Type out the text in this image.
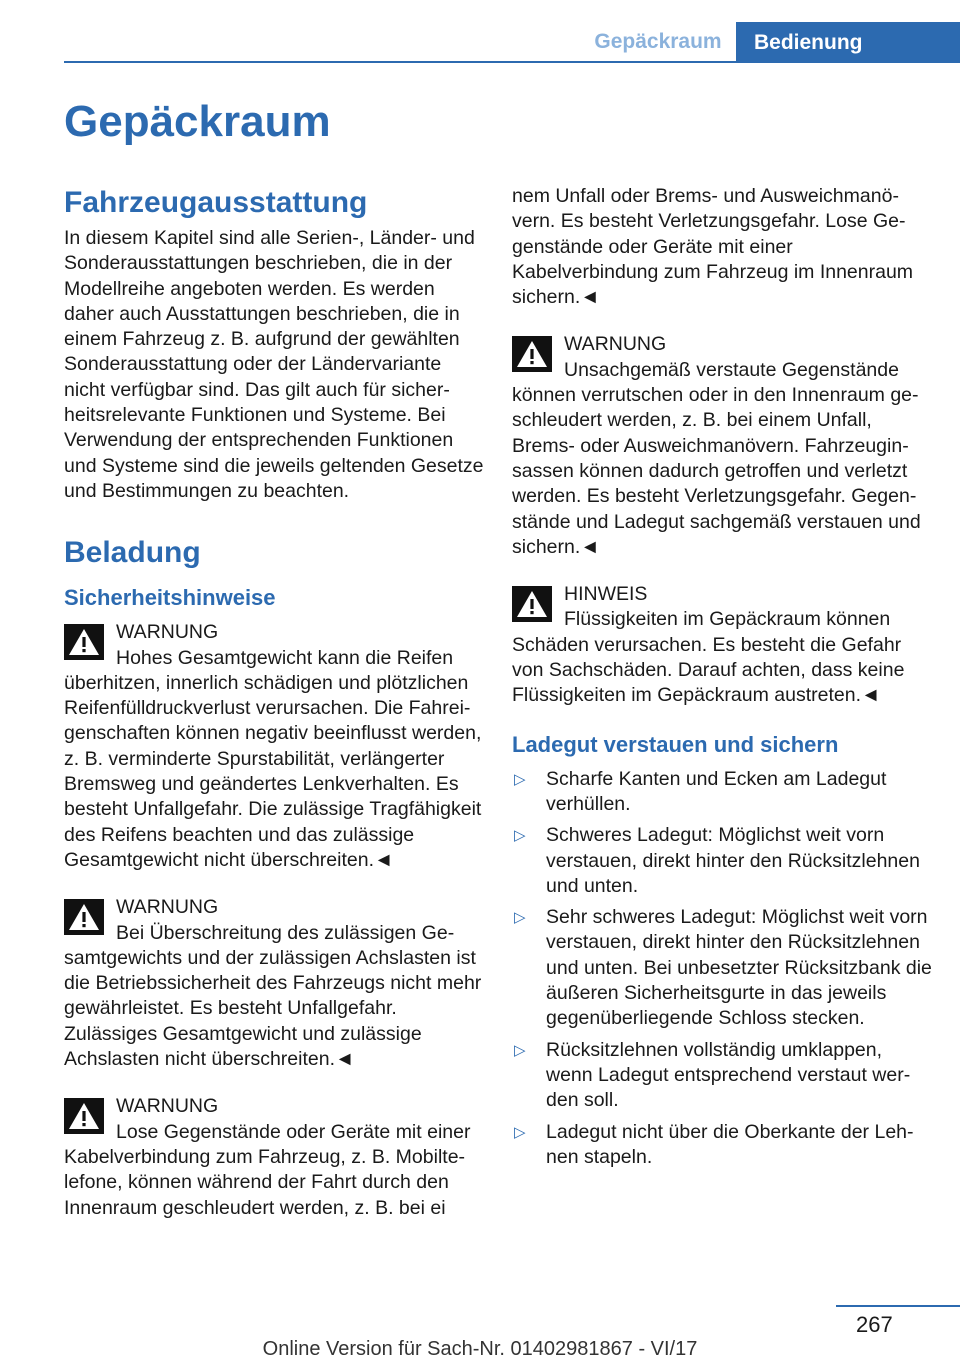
Gepäckraum	Bedienung
Gepäckraum
Fahrzeugausstattung

In diesem Kapitel sind alle Serien-, Länder- und Sonderausstattungen beschrieben, die in der Modellreihe angeboten werden. Es werden daher auch Ausstattungen beschrieben, die in einem Fahrzeug z. B. aufgrund der gewählten Sonderausstattung oder der Ländervariante nicht verfügbar sind. Das gilt auch für sicherheitsrelevante Funktionen und Systeme. Bei Verwendung der entsprechenden Funktionen und Systeme sind die jeweils geltenden Gesetze und Bestimmungen zu beachten.

Beladung
Sicherheitshinweise
WARNUNG
Hohes Gesamtgewicht kann die Reifen überhitzen, innerlich schädigen und plötzlichen Reifenfülldruckverlust verursachen. Die Fahreigenschaften können negativ beeinflusst werden, z. B. verminderte Spurstabilität, verlängerter Bremsweg und geändertes Lenkverhalten. Es besteht Unfallgefahr. Die zulässige Tragfähigkeit des Reifens beachten und das zulässige Gesamtgewicht nicht überschreiten.◄
WARNUNG
Bei Überschreitung des zulässigen Gesamtgewichts und der zulässigen Achslasten ist die Betriebssicherheit des Fahrzeugs nicht mehr gewährleistet. Es besteht Unfallgefahr. Zulässiges Gesamtgewicht und zulässige Achslasten nicht überschreiten.◄
WARNUNG
Lose Gegenstände oder Geräte mit einer Kabelverbindung zum Fahrzeug, z. B. Mobiltelefone, können während der Fahrt durch den Innenraum geschleudert werden, z. B. bei ei
nem Unfall oder Brems- und Ausweichmanövern. Es besteht Verletzungsgefahr. Lose Gegenstände oder Geräte mit einer Kabelverbindung zum Fahrzeug im Innenraum sichern.◄
WARNUNG
Unsachgemäß verstaute Gegenstände können verrutschen oder in den Innenraum geschleudert werden, z. B. bei einem Unfall, Brems- oder Ausweichmanövern. Fahrzeuginsassen können dadurch getroffen und verletzt werden. Es besteht Verletzungsgefahr. Gegenstände und Ladegut sachgemäß verstauen und sichern.◄
HINWEIS
Flüssigkeiten im Gepäckraum können Schäden verursachen. Es besteht die Gefahr von Sachschäden. Darauf achten, dass keine Flüssigkeiten im Gepäckraum austreten.◄
Ladegut verstauen und sichern
▷ Scharfe Kanten und Ecken am Ladegut verhüllen.
▷ Schweres Ladegut: Möglichst weit vorn verstauen, direkt hinter den Rücksitzlehnen und unten.
▷ Sehr schweres Ladegut: Möglichst weit vorn verstauen, direkt hinter den Rücksitzlehnen und unten. Bei unbesetzter Rücksitzbank die äußeren Sicherheitsgurte in das jeweils gegenüberliegende Schloss stecken.
▷ Rücksitzlehnen vollständig umklappen, wenn Ladegut entsprechend verstaut werden soll.
▷ Ladegut nicht über die Oberkante der Lehnen stapeln.
267
Online Version für Sach-Nr. 01402981867 - VI/17
